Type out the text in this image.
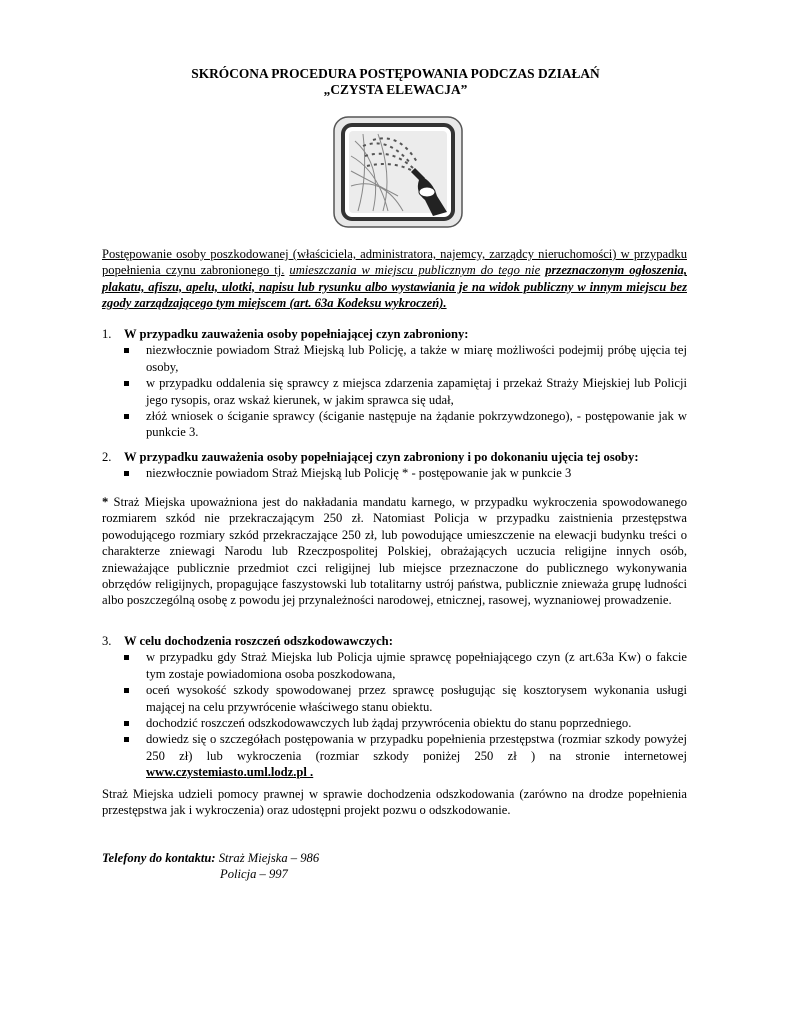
SKRÓCONA PROCEDURA POSTĘPOWANIA PODCZAS DZIAŁAŃ
„CZYSTA ELEWACJA”
Postępowanie osoby poszkodowanej (właściciela, administratora, najemcy, zarządcy nieruchomości) w przypadku popełnienia czynu zabronionego tj. umieszczania w miejscu publicznym do tego nie przeznaczonym ogłoszenia, plakatu, afiszu, apelu, ulotki, napisu lub rysunku albo wystawiania je na widok publiczny w innym miejscu bez zgody zarządzającego tym miejscem (art. 63a Kodeksu wykroczeń).
1. W przypadku zauważenia osoby popełniającej czyn zabroniony:
niezwłocznie powiadom Straż Miejską lub Policję, a także w miarę możliwości podejmij próbę ujęcia tej osoby,
w przypadku oddalenia się sprawcy z miejsca zdarzenia zapamiętaj i przekaż Straży Miejskiej lub Policji jego rysopis, oraz wskaż kierunek, w jakim sprawca się udał,
złóż wniosek o ściganie sprawcy (ściganie następuje na żądanie pokrzywdzonego), - postępowanie jak w punkcie 3.
2. W przypadku zauważenia osoby popełniającej czyn zabroniony i po dokonaniu ujęcia tej osoby:
niezwłocznie powiadom Straż Miejską lub Policję * - postępowanie jak w punkcie 3
* Straż Miejska upoważniona jest do nakładania mandatu karnego, w przypadku wykroczenia spowodowanego rozmiarem szkód nie przekraczającym 250 zł. Natomiast Policja w przypadku zaistnienia przestępstwa powodującego rozmiary szkód przekraczające 250 zł, lub powodujące umieszczenie na elewacji budynku treści o charakterze zniewagi Narodu lub Rzeczpospolitej Polskiej, obrażających uczucia religijne innych osób, znieważające publicznie przedmiot czci religijnej lub miejsce przeznaczone do publicznego wykonywania obrzędów religijnych, propagujące faszystowski lub totalitarny ustrój państwa, publicznie znieważa grupę ludności albo poszczególną osobę z powodu jej przynależności narodowej, etnicznej, rasowej, wyznaniowej prowadzenie.
3. W celu dochodzenia roszczeń odszkodowawczych:
w przypadku gdy Straż Miejska lub Policja ujmie sprawcę popełniającego czyn (z art.63a Kw) o fakcie tym zostaje powiadomiona osoba poszkodowana,
oceń wysokość szkody spowodowanej przez sprawcę posługując się kosztorysem wykonania usługi mającej na celu przywrócenie właściwego stanu obiektu.
dochodzić roszczeń odszkodowawczych lub żądaj przywrócenia obiektu do stanu poprzedniego.
dowiedz się o szczegółach postępowania w przypadku popełnienia przestępstwa (rozmiar szkody powyżej 250 zł) lub wykroczenia (rozmiar szkody poniżej 250 zł ) na stronie internetowej www.czystemiasto.uml.lodz.pl .
Straż Miejska udzieli pomocy prawnej w sprawie dochodzenia odszkodowania (zarówno na drodze popełnienia przestępstwa jak i wykroczenia) oraz udostępni projekt pozwu o odszkodowanie.
Telefony do kontaktu: Straż Miejska – 986
Policja – 997
